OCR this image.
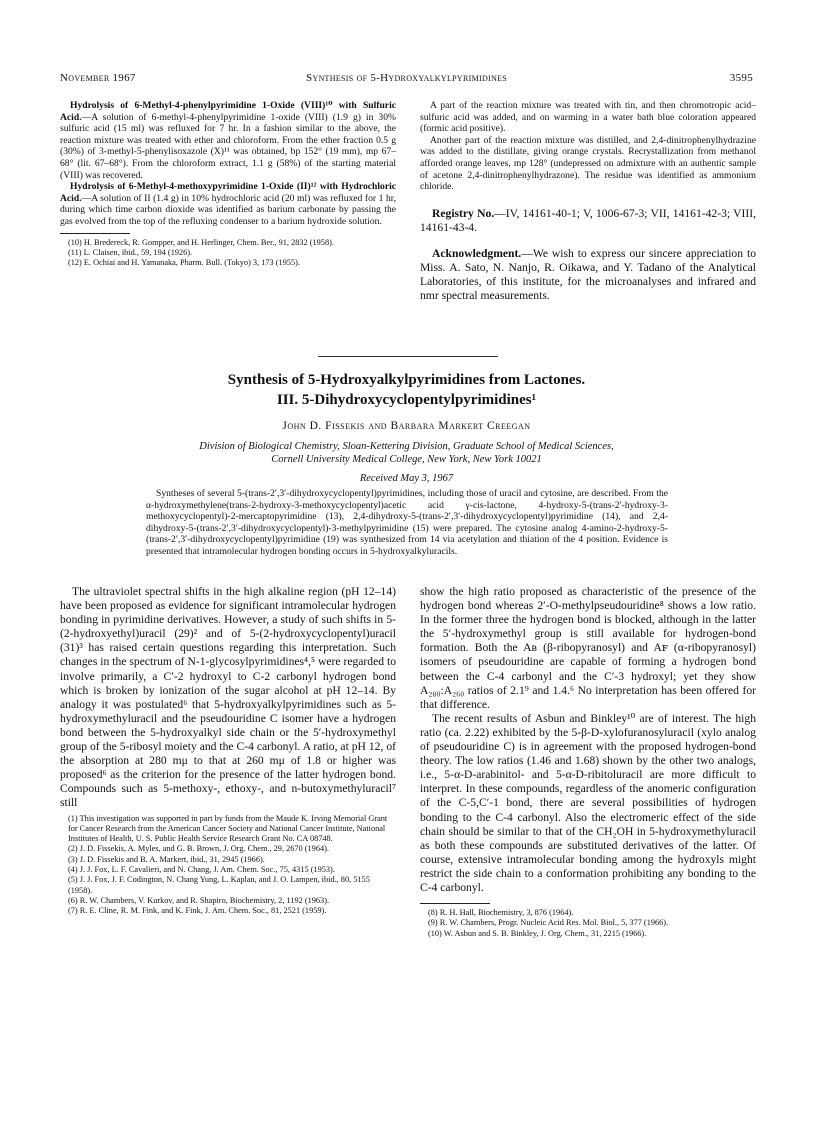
November 1967	Synthesis of 5-Hydroxyalkylpyrimidines	3595

Hydrolysis of 6-Methyl-4-phenylpyrimidine 1-Oxide (VIII)¹⁰ with Sulfuric Acid.—A solution of 6-methyl-4-phenylpyrimidine 1-oxide (VIII) (1.9 g) in 30% sulfuric acid (15 ml) was refluxed for 7 hr. In a fashion similar to the above, the reaction mixture was treated with ether and chloroform. From the ether fraction 0.5 g (30%) of 3-methyl-5-phenylisoxazole (X)¹¹ was obtained, bp 152° (19 mm), mp 67–68° (lit. 67–68°). From the chloroform extract, 1.1 g (58%) of the starting material (VIII) was recovered.

Hydrolysis of 6-Methyl-4-methoxypyrimidine 1-Oxide (II)¹² with Hydrochloric Acid.—A solution of II (1.4 g) in 10% hydrochloric acid (20 ml) was refluxed for 1 hr, during which time carbon dioxide was identified as barium carbonate by passing the gas evolved from the top of the refluxing condenser to a barium hydroxide solution.

(10) H. Bredereck, R. Gompper, and H. Herlinger, Chem. Ber., 91, 2832 (1958).

(11) L. Claisen, ibid., 59, 194 (1926).

(12) E. Ochiai and H. Yamanaka, Pharm. Bull. (Tokyo) 3, 173 (1955).

A part of the reaction mixture was treated with tin, and then chromotropic acid–sulfuric acid was added, and on warming in a water bath blue coloration appeared (formic acid positive).

Another part of the reaction mixture was distilled, and 2,4-dinitrophenylhydrazine was added to the distillate, giving orange crystals. Recrystallization from methanol afforded orange leaves, mp 128° (undepressed on admixture with an authentic sample of acetone 2,4-dinitrophenylhydrazone). The residue was identified as ammonium chloride.

Registry No.—IV, 14161-40-1; V, 1006-67-3; VII, 14161-42-3; VIII, 14161-43-4.

Acknowledgment.—We wish to express our sincere appreciation to Miss. A. Sato, N. Nanjo, R. Oikawa, and Y. Tadano of the Analytical Laboratories, of this institute, for the microanalyses and infrared and nmr spectral measurements.

Synthesis of 5-Hydroxyalkylpyrimidines from Lactones.
III. 5-Dihydroxycyclopentylpyrimidines¹
John D. Fissekis and Barbara Markert Creegan
Division of Biological Chemistry, Sloan-Kettering Division, Graduate School of Medical Sciences,
Cornell University Medical College, New York, New York 10021
Received May 3, 1967

Syntheses of several 5-(trans-2′,3′-dihydroxycyclopentyl)pyrimidines, including those of uracil and cytosine, are described. From the α-hydroxymethylene(trans-2-hydroxy-3-methoxycyclopentyl)acetic acid γ-cis-lactone, 4-hydroxy-5-(trans-2′-hydroxy-3-methoxycyclopentyl)-2-mercaptopyrimidine (13), 2,4-dihydroxy-5-(trans-2′,3′-dihydroxycyclopentyl)pyrimidine (14), and 2,4-dihydroxy-5-(trans-2′,3′-dihydroxycyclopentyl)-3-methylpyrimidine (15) were prepared. The cytosine analog 4-amino-2-hydroxy-5-(trans-2′,3′-dihydroxycyclopentyl)pyrimidine (19) was synthesized from 14 via acetylation and thiation of the 4 position. Evidence is presented that intramolecular hydrogen bonding occurs in 5-hydroxyalkyluracils.

The ultraviolet spectral shifts in the high alkaline region (pH 12–14) have been proposed as evidence for significant intramolecular hydrogen bonding in pyrimidine derivatives. However, a study of such shifts in 5-(2-hydroxyethyl)uracil (29)² and of 5-(2-hydroxycyclopentyl)uracil (31)³ has raised certain questions regarding this interpretation. Such changes in the spectrum of N-1-glycosylpyrimidines⁴,⁵ were regarded to involve primarily, a C′-2 hydroxyl to C-2 carbonyl hydrogen bond which is broken by ionization of the sugar alcohol at pH 12–14. By analogy it was postulated⁶ that 5-hydroxyalkylpyrimidines such as 5-hydroxymethyluracil and the pseudouridine C isomer have a hydrogen bond between the 5-hydroxyalkyl side chain or the 5′-hydroxymethyl group of the 5-ribosyl moiety and the C-4 carbonyl. A ratio, at pH 12, of the absorption at 280 mμ to that at 260 mμ of 1.8 or higher was proposed⁶ as the criterion for the presence of the latter hydrogen bond. Compounds such as 5-methoxy-, ethoxy-, and n-butoxymethyluracil⁷ still

(1) This investigation was supported in part by funds from the Maude K. Irving Memorial Grant for Cancer Research from the American Cancer Society and National Cancer Institute, National Institutes of Health, U. S. Public Health Service Research Grant No. CA 08748.

(2) J. D. Fissekis, A. Myles, and G. B. Brown, J. Org. Chem., 29, 2670 (1964).

(3) J. D. Fissekis and B. A. Markert, ibid., 31, 2945 (1966).

(4) J. J. Fox, L. F. Cavalieri, and N. Chang, J. Am. Chem. Soc., 75, 4315 (1953).

(5) J. J. Fox, J. F. Codington, N. Chang Yung, L. Kaplan, and J. O. Lampen, ibid., 80, 5155 (1958).

(6) R. W. Chambers, V. Kurkov, and R. Shapiro, Biochemistry, 2, 1192 (1963).

(7) R. E. Cline, R. M. Fink, and K. Fink, J. Am. Chem. Soc., 81, 2521 (1959).

show the high ratio proposed as characteristic of the presence of the hydrogen bond whereas 2′-O-methylpseudouridine⁸ shows a low ratio. In the former three the hydrogen bond is blocked, although in the latter the 5′-hydroxymethyl group is still available for hydrogen-bond formation. Both the Aʙ (β-ribopyranosyl) and Aꜰ (α-ribopyranosyl) isomers of pseudouridine are capable of forming a hydrogen bond between the C-4 carbonyl and the C′-3 hydroxyl; yet they show A₂₈₀:A₂₆₀ ratios of 2.1⁹ and 1.4.⁶ No interpretation has been offered for that difference.

The recent results of Asbun and Binkley¹⁰ are of interest. The high ratio (ca. 2.22) exhibited by the 5-β-D-xylofuranosyluracil (xylo analog of pseudouridine C) is in agreement with the proposed hydrogen-bond theory. The low ratios (1.46 and 1.68) shown by the other two analogs, i.e., 5-α-D-arabinitol- and 5-α-D-ribitoluracil are more difficult to interpret. In these compounds, regardless of the anomeric configuration of the C-5,C′-1 bond, there are several possibilities of hydrogen bonding to the C-4 carbonyl. Also the electromeric effect of the side chain should be similar to that of the CH₂OH in 5-hydroxymethyluracil as both these compounds are substituted derivatives of the latter. Of course, extensive intramolecular bonding among the hydroxyls might restrict the side chain to a conformation prohibiting any bonding to the C-4 carbonyl.

(8) R. H. Hall, Biochemistry, 3, 876 (1964).

(9) R. W. Chambers, Progr. Nucleic Acid Res. Mol. Biol., 5, 377 (1966).

(10) W. Asbun and S. B. Binkley, J. Org. Chem., 31, 2215 (1966).
